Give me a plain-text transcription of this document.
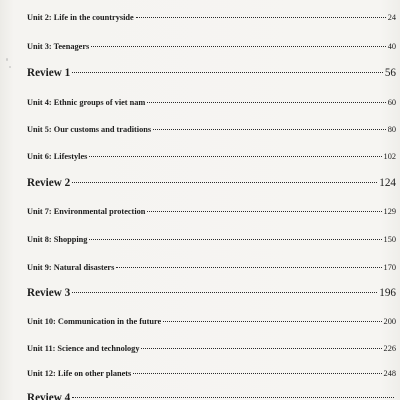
Unit 2: Life in the countryside	24
Unit 3: Teenagers	40
Review 1	56
Unit 4: Ethnic groups of viet nam	60
Unit 5: Our customs and traditions	80
Unit 6: Lifestyles	102
Review 2	124
Unit 7: Environmental protection	129
Unit 8: Shopping	150
Unit 9: Natural disasters	170
Review 3	196
Unit 10: Communication in the future	200
Unit 11: Science and technology	226
Unit 12: Life on other planets	248
Review 4
